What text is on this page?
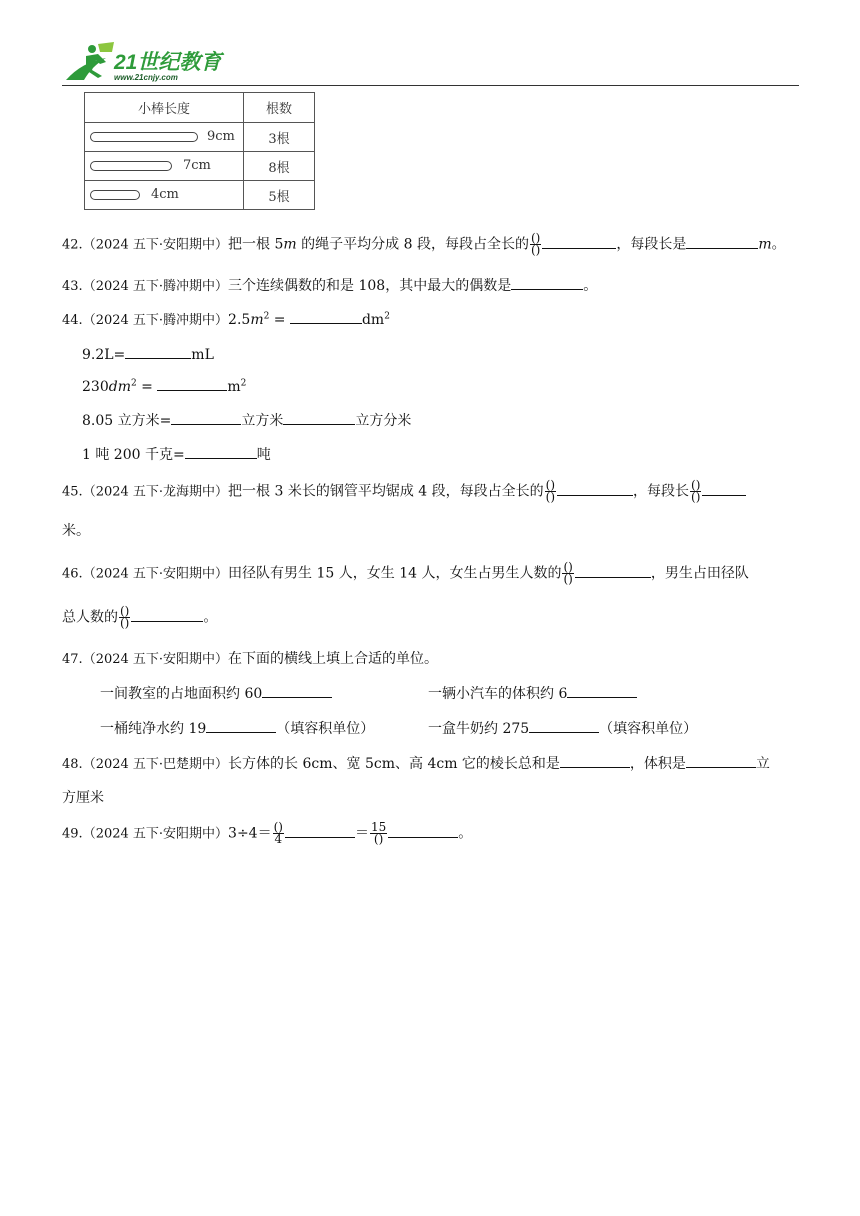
21世纪教育
www.21cnjy.com
小棒长度	根数

9cm	3根

7cm	8根

4cm	5根
42.（2024 五下·安阳期中）把一根 5m 的绳子平均分成 8 段，每段占全长的 $\frac{()}{()}$	，每段长是	m。
43.（2024 五下·腾冲期中）三个连续偶数的和是 108，其中最大的偶数是	。
44.（2024 五下·腾冲期中）$2.5m^2$ =	$dm^2$
9.2L=	mL
$230dm^2$ =	$m^2$
8.05 立方米=	立方米	立方分米
1 吨 200 千克=	吨
45.（2024 五下·龙海期中）把一根 3 米长的钢管平均锯成 4 段，每段占全长的 $\frac{()}{()}$	，每段长 $\frac{()}{()}$
米。
46.（2024 五下·安阳期中）田径队有男生 15 人，女生 14 人，女生占男生人数的 $\frac{()}{()}$	，男生占田径队
总人数的 $\frac{()}{()}$	。
47.（2024 五下·安阳期中）在下面的横线上填上合适的单位。
一间教室的占地面积约 60	一辆小汽车的体积约 6
一桶纯净水约 19	（填容积单位）	一盒牛奶约 275	（填容积单位）
48.（2024 五下·巴楚期中）长方体的长 6cm、宽 5cm、高 4cm 它的棱长总和是	，体积是	立
方厘米
49.（2024 五下·安阳期中）$3\div 4= \frac{()}{4}$	＝ $\frac{15}{()}$	。
